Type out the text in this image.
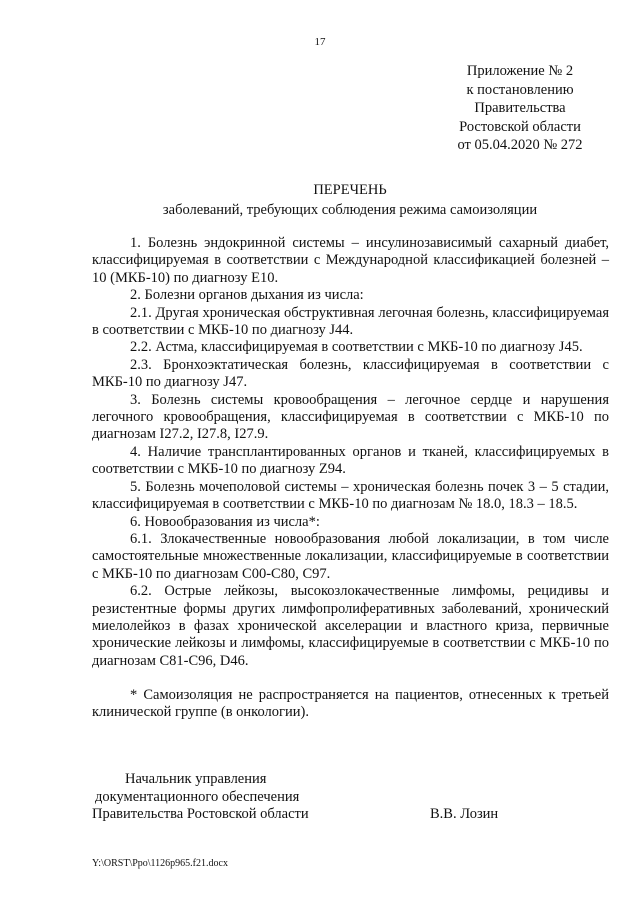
17
Приложение № 2
к постановлению
Правительства
Ростовской области
от 05.04.2020 № 272
ПЕРЕЧЕНЬ
заболеваний, требующих соблюдения режима самоизоляции

1. Болезнь эндокринной системы – инсулинозависимый сахарный диабет, классифицируемая в соответствии с Международной классификацией болезней – 10 (МКБ-10) по диагнозу Е10.

2. Болезни органов дыхания из числа:

2.1. Другая хроническая обструктивная легочная болезнь, классифицируемая в соответствии с МКБ-10 по диагнозу J44.

2.2. Астма, классифицируемая в соответствии с МКБ-10 по диагнозу J45.

2.3. Бронхоэктатическая болезнь, классифицируемая в соответствии с МКБ-10 по диагнозу J47.

3. Болезнь системы кровообращения – легочное сердце и нарушения легочного кровообращения, классифицируемая в соответствии с МКБ-10 по диагнозам I27.2, I27.8, I27.9.

4. Наличие трансплантированных органов и тканей, классифицируемых в соответствии с МКБ-10 по диагнозу Z94.

5. Болезнь мочеполовой системы – хроническая болезнь почек 3 – 5 стадии, классифицируемая в соответствии с МКБ-10 по диагнозам № 18.0, 18.3 – 18.5.

6. Новообразования из числа*:

6.1. Злокачественные новообразования любой локализации, в том числе самостоятельные множественные локализации, классифицируемые в соответствии с МКБ-10 по диагнозам С00-С80, С97.

6.2. Острые лейкозы, высокозлокачественные лимфомы, рецидивы и резистентные формы других лимфопролиферативных заболеваний, хронический миелолейкоз в фазах хронической акселерации и властного криза, первичные хронические лейкозы и лимфомы, классифицируемые в соответствии с МКБ-10 по диагнозам С81-С96, D46.

* Самоизоляция не распространяется на пациентов, отнесенных к третьей клинической группе (в онкологии).

Начальник управления
документационного обеспечения
Правительства Ростовской области	В.В. Лозин
Y:\ORST\Ppo\1126p965.f21.docx
